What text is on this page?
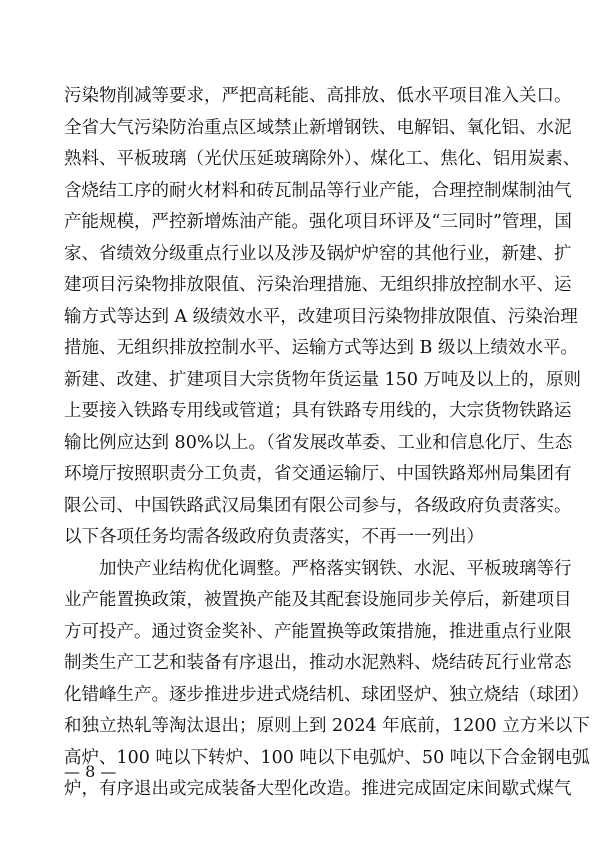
污染物削减等要求，严把高耗能、高排放、低水平项目准入关口。
全省大气污染防治重点区域禁止新增钢铁、电解铝、氧化铝、水泥
熟料、平板玻璃（光伏压延玻璃除外）、煤化工、焦化、铝用炭素、
含烧结工序的耐火材料和砖瓦制品等行业产能，合理控制煤制油气
产能规模，严控新增炼油产能。强化项目环评及“三同时”管理，国
家、省绩效分级重点行业以及涉及锅炉炉窑的其他行业，新建、扩
建项目污染物排放限值、污染治理措施、无组织排放控制水平、运
输方式等达到 A 级绩效水平，改建项目污染物排放限值、污染治理
措施、无组织排放控制水平、运输方式等达到 B 级以上绩效水平。
新建、改建、扩建项目大宗货物年货运量 150 万吨及以上的，原则
上要接入铁路专用线或管道；具有铁路专用线的，大宗货物铁路运
输比例应达到 80%以上。（省发展改革委、工业和信息化厅、生态
环境厅按照职责分工负责，省交通运输厅、中国铁路郑州局集团有
限公司、中国铁路武汉局集团有限公司参与，各级政府负责落实。
以下各项任务均需各级政府负责落实，不再一一列出）
加快产业结构优化调整。严格落实钢铁、水泥、平板玻璃等行
业产能置换政策，被置换产能及其配套设施同步关停后，新建项目
方可投产。通过资金奖补、产能置换等政策措施，推进重点行业限
制类生产工艺和装备有序退出，推动水泥熟料、烧结砖瓦行业常态
化错峰生产。逐步推进步进式烧结机、球团竖炉、独立烧结（球团）
和独立热轧等淘汰退出；原则上到 2024 年底前，1200 立方米以下
高炉、100 吨以下转炉、100 吨以下电弧炉、50 吨以下合金钢电弧
炉，有序退出或完成装备大型化改造。推进完成固定床间歇式煤气
— 8 —
